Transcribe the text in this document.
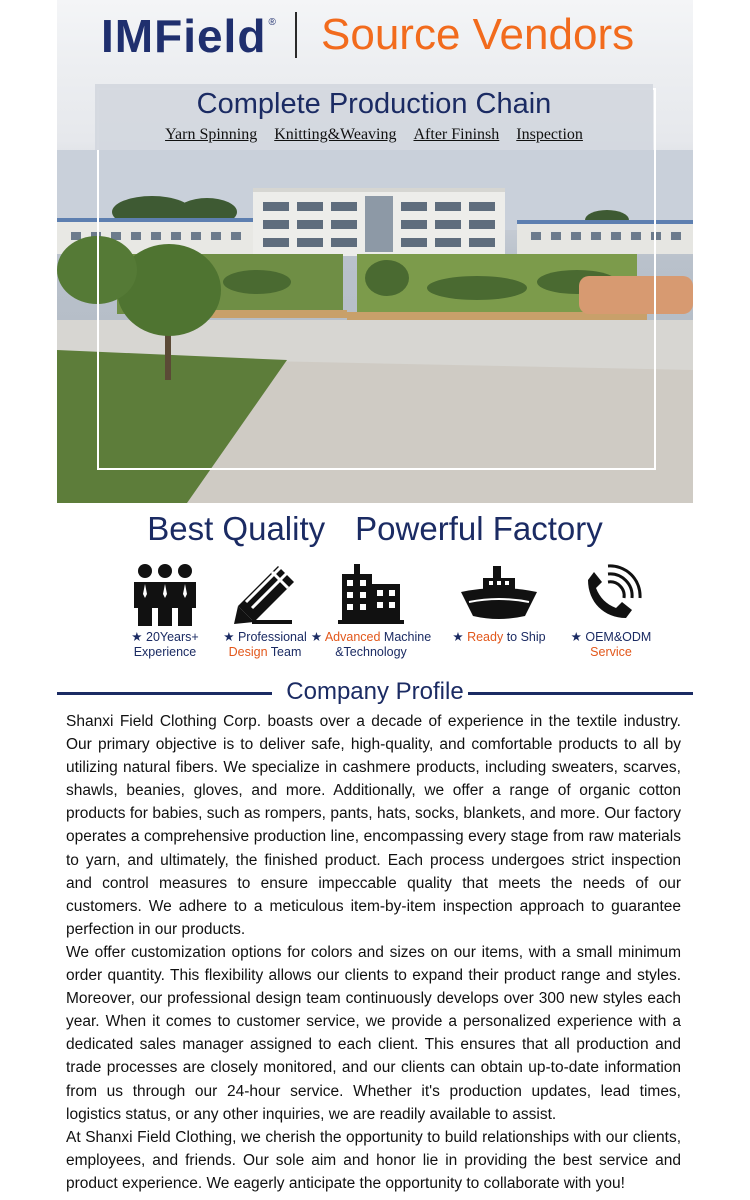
IMField ® Source Vendors
Complete Production Chain
Yarn Spinning Knitting&Weaving After Fininsh Inspection
Best Quality Powerful Factory
★ 20Years+
Experience
★ Professional
Design Team
★ Advanced Machine
&Technology
★ Ready to Ship	★ OEM&ODM
Service
Company Profile

Shanxi Field Clothing Corp. boasts over a decade of experience in the textile industry. Our primary objective is to deliver safe, high-quality, and comfortable products to all by utilizing natural fibers. We specialize in cashmere products, including sweaters, scarves, shawls, beanies, gloves, and more. Additionally, we offer a range of organic cotton products for babies, such as rompers, pants, hats, socks, blankets, and more. Our factory operates a comprehensive production line, encompassing every stage from raw materials to yarn, and ultimately, the finished product. Each process undergoes strict inspection and control measures to ensure impeccable quality that meets the needs of our customers. We adhere to a meticulous item-by-item inspection approach to guarantee perfection in our products.

We offer customization options for colors and sizes on our items, with a small minimum order quantity. This flexibility allows our clients to expand their product range and styles. Moreover, our professional design team continuously develops over 300 new styles each year. When it comes to customer service, we provide a personalized experience with a dedicated sales manager assigned to each client. This ensures that all production and trade processes are closely monitored, and our clients can obtain up-to-date information from us through our 24-hour service. Whether it's production updates, lead times, logistics status, or any other inquiries, we are readily available to assist.

At Shanxi Field Clothing, we cherish the opportunity to build relationships with our clients, employees, and friends. Our sole aim and honor lie in providing the best service and product experience. We eagerly anticipate the opportunity to collaborate with you!
